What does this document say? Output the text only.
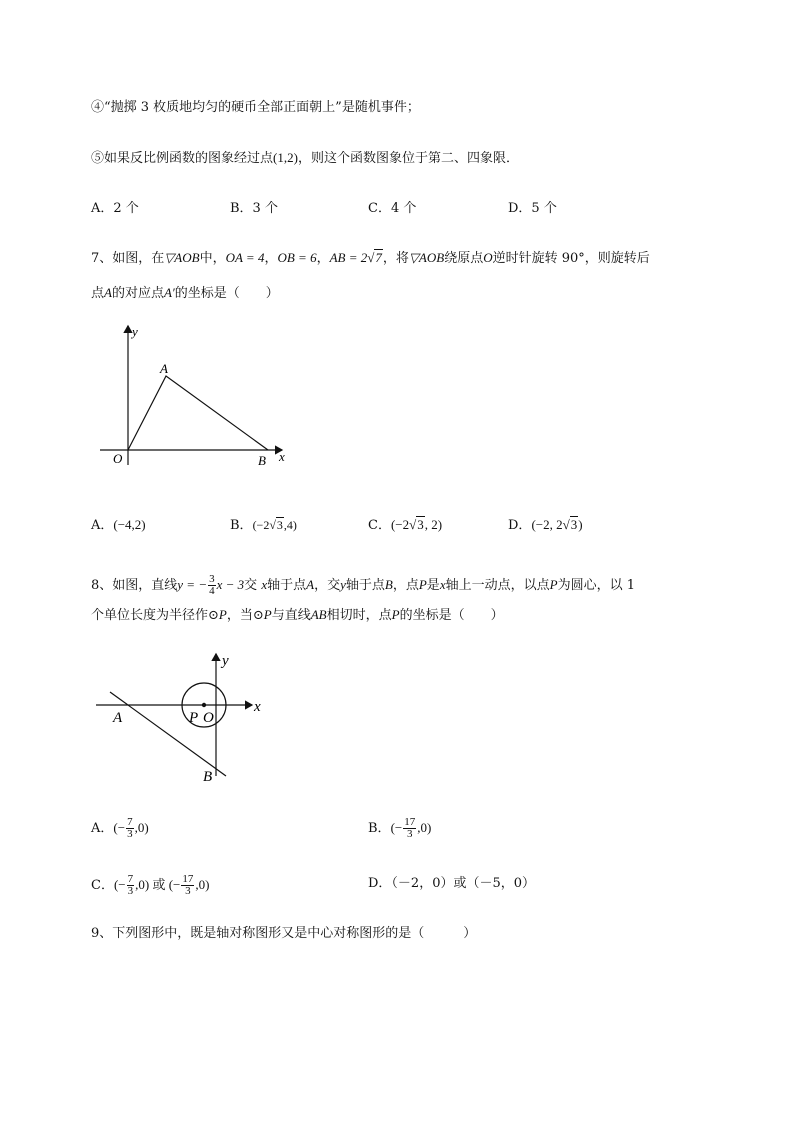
④“抛掷 3 枚质地均匀的硬币全部正面朝上”是随机事件；
⑤如果反比例函数的图象经过点(1,2)，则这个函数图象位于第二、四象限．
A．2 个	B．3 个	C．4 个	D．5 个
7、如图，在▽AOB中，OA = 4，OB = 6，AB = 2√7，将▽AOB绕原点O逆时针旋转 90°，则旋转后
点A的对应点A′的坐标是（　　）
y
A
O	B x
A．(−4,2)	B．(−2√3,4)	C．(−2√3, 2)	D．(−2, 2√3)
8、如图，直线y = − $\frac{3}{4}$ x − 3交 x轴于点A，交y轴于点B，点P是x轴上一动点，以点P为圆心，以 1
个单位长度为半径作⊙P，当⊙P与直线AB相切时，点P的坐标是（　　）
y
x
A	P O
B
A．(− $\frac{7}{3} ,0$)	B．(− $\frac{17}{3} ,0$)
C．(− $\frac{7}{3} ,0$) 或 (− $\frac{17}{3} ,0$)	D．（－2，0）或（－5，0）
9、下列图形中，既是轴对称图形又是中心对称图形的是（　　　）
